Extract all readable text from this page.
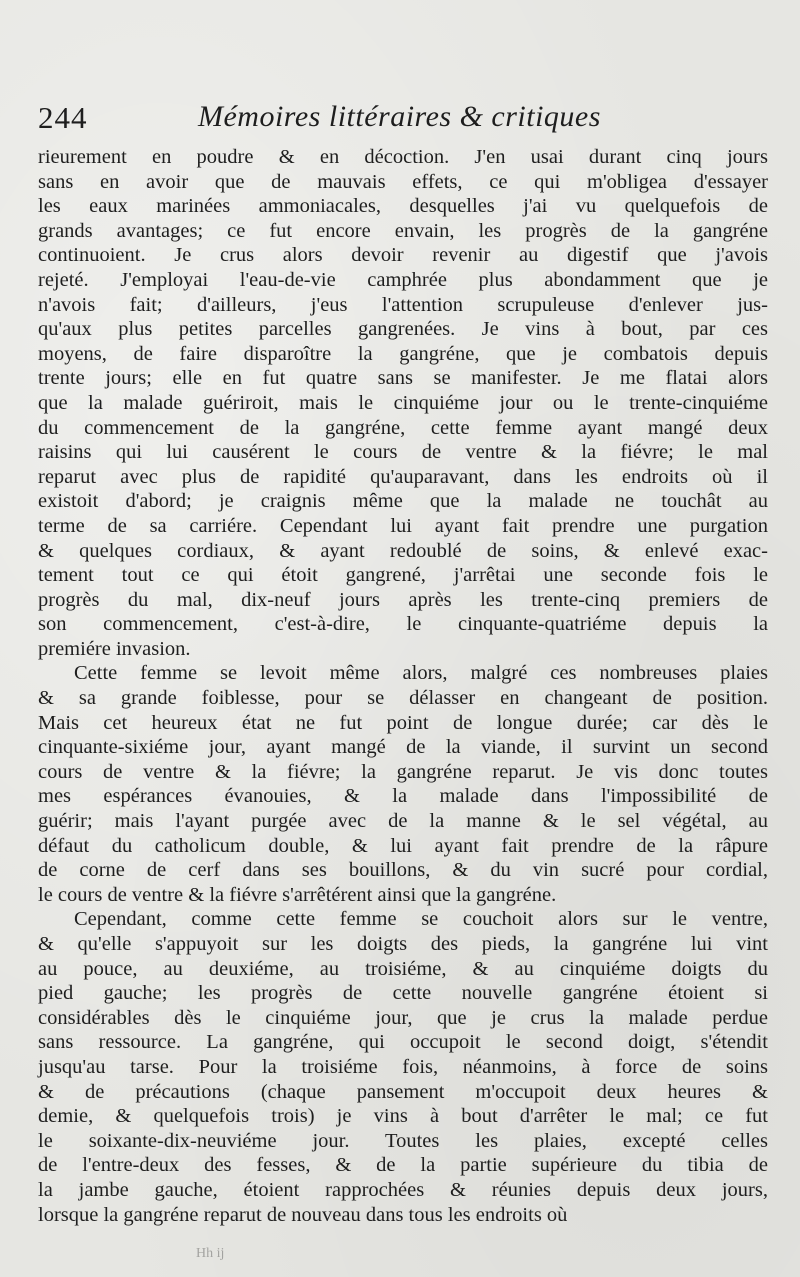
244	Mémoires littéraires & critiques
rieurement en poudre & en décoction. J'en usai durant cinq jours
sans en avoir que de mauvais effets, ce qui m'obligea d'essayer
les eaux marinées ammoniacales, desquelles j'ai vu quelquefois de
grands avantages; ce fut encore envain, les progrès de la gangréne
continuoient. Je crus alors devoir revenir au digestif que j'avois
rejeté. J'employai l'eau-de-vie camphrée plus abondamment que je
n'avois fait; d'ailleurs, j'eus l'attention scrupuleuse d'enlever jus-
qu'aux plus petites parcelles gangrenées. Je vins à bout, par ces
moyens, de faire disparoître la gangréne, que je combatois depuis
trente jours; elle en fut quatre sans se manifester. Je me flatai alors
que la malade guériroit, mais le cinquiéme jour ou le trente-cinquiéme
du commencement de la gangréne, cette femme ayant mangé deux
raisins qui lui causérent le cours de ventre & la fiévre; le mal
reparut avec plus de rapidité qu'auparavant, dans les endroits où il
existoit d'abord; je craignis même que la malade ne touchât au
terme de sa carriére. Cependant lui ayant fait prendre une purgation
& quelques cordiaux, & ayant redoublé de soins, & enlevé exac-
tement tout ce qui étoit gangrené, j'arrêtai une seconde fois le
progrès du mal, dix-neuf jours après les trente-cinq premiers de
son commencement, c'est-à-dire, le cinquante-quatriéme depuis la
premiére invasion.
Cette femme se levoit même alors, malgré ces nombreuses plaies
& sa grande foiblesse, pour se délasser en changeant de position.
Mais cet heureux état ne fut point de longue durée; car dès le
cinquante-sixiéme jour, ayant mangé de la viande, il survint un second
cours de ventre & la fiévre; la gangréne reparut. Je vis donc toutes
mes espérances évanouies, & la malade dans l'impossibilité de
guérir; mais l'ayant purgée avec de la manne & le sel végétal, au
défaut du catholicum double, & lui ayant fait prendre de la râpure
de corne de cerf dans ses bouillons, & du vin sucré pour cordial,
le cours de ventre & la fiévre s'arrêtérent ainsi que la gangréne.
Cependant, comme cette femme se couchoit alors sur le ventre,
& qu'elle s'appuyoit sur les doigts des pieds, la gangréne lui vint
au pouce, au deuxiéme, au troisiéme, & au cinquiéme doigts du
pied gauche; les progrès de cette nouvelle gangréne étoient si
considérables dès le cinquiéme jour, que je crus la malade perdue
sans ressource. La gangréne, qui occupoit le second doigt, s'étendit
jusqu'au tarse. Pour la troisiéme fois, néanmoins, à force de soins
& de précautions (chaque pansement m'occupoit deux heures &
demie, & quelquefois trois) je vins à bout d'arrêter le mal; ce fut
le soixante-dix-neuviéme jour. Toutes les plaies, excepté celles
de l'entre-deux des fesses, & de la partie supérieure du tibia de
la jambe gauche, étoient rapprochées & réunies depuis deux jours,
lorsque la gangréne reparut de nouveau dans tous les endroits où
Hh ij
